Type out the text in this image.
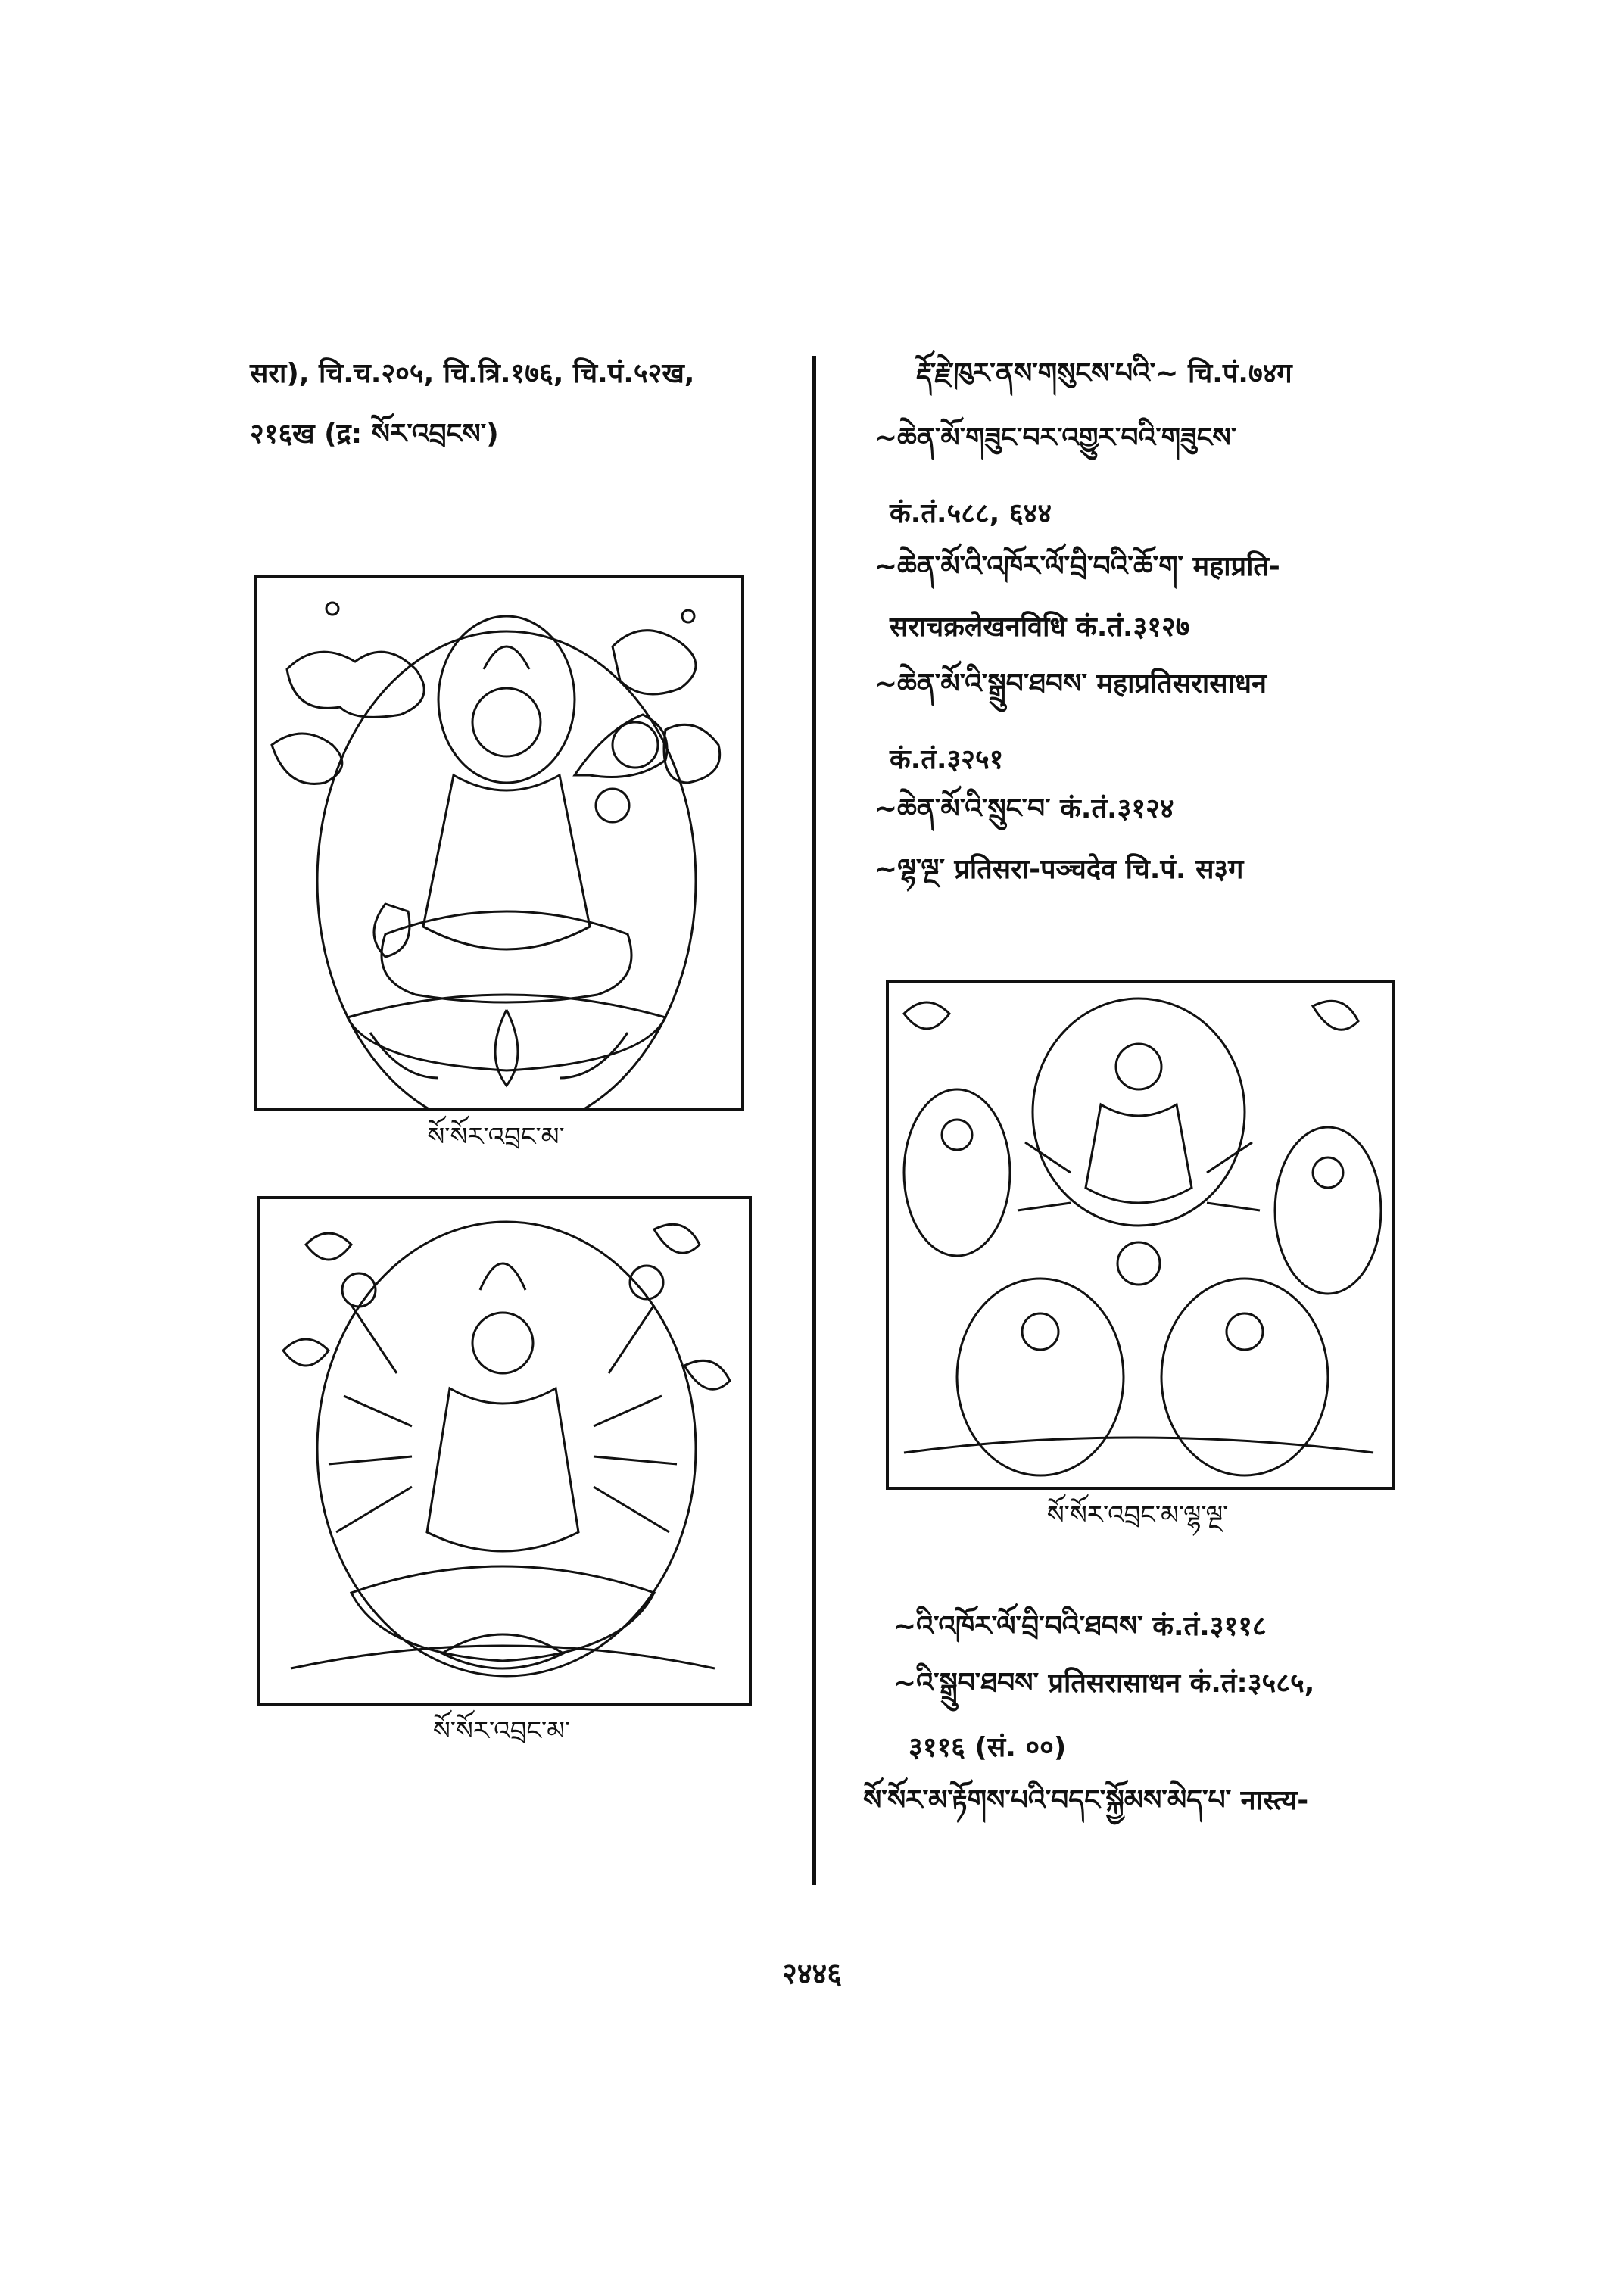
सरा), चि.च.२०५, चि.त्रि.१७६, चि.पं.५२ख,
२१६ख (द्र: སོར་འབྲངས་)
སོ་སོར་འབྲང་མ་
སོ་སོར་འབྲང་མ་
རྡོ་རྗེ་ཁུར་ནས་གསུངས་པའི་~ चि.पं.७४ग
~ཆེན་མོ་གཟུང་བར་འགྱུར་བའི་གཟུངས་
कं.तं.५८८, ६४४
~ཆེན་མོ་འི་འཁོར་ལོ་བྲི་བའི་ཆོ་ག་ महाप्रति-
सराचक्रलेखनविधि कं.तं.३१२७
~ཆེན་མོ་འི་སྒྲུབ་ཐབས་ महाप्रतिसरासाधन
कं.तं.३२५१
~ཆེན་མོ་འི་སྲུང་བ་ कं.तं.३१२४
~ལྷ་ལྔ་ प्रतिसरा-पञ्चदेव चि.पं. स३ग
སོ་སོར་འབྲང་མ་ལྷ་ལྔ་
~འི་འཁོར་ལོ་བྲི་བའི་ཐབས་ कं.तं.३११८
~འི་སྒྲུབ་ཐབས་ प्रतिसरासाधन कं.तं:३५८५,
३११६ (सं. ००)
སོ་སོར་མ་རྟོགས་པའི་བདང་སྐྱོམས་མེད་པ་ नास्त्य-
२४४६
